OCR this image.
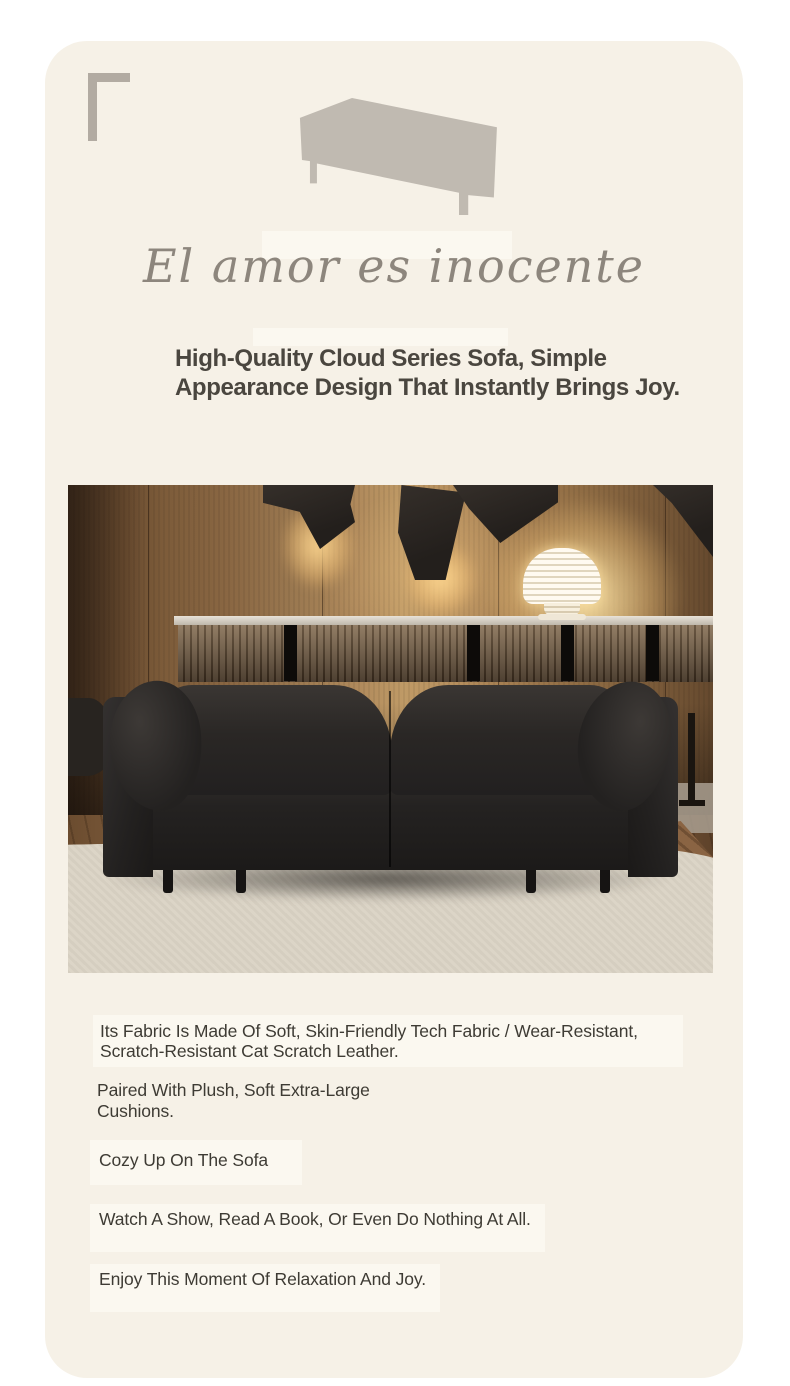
El amor es inocente
High-Quality Cloud Series Sofa, Simple
Appearance Design That Instantly Brings Joy.
Its Fabric Is Made Of Soft, Skin-Friendly Tech Fabric / Wear-Resistant,
Scratch-Resistant Cat Scratch Leather.
Paired With Plush, Soft Extra-Large
Cushions.
Cozy Up On The Sofa
Watch A Show, Read A Book, Or Even Do Nothing At All.
Enjoy This Moment Of Relaxation And Joy.
